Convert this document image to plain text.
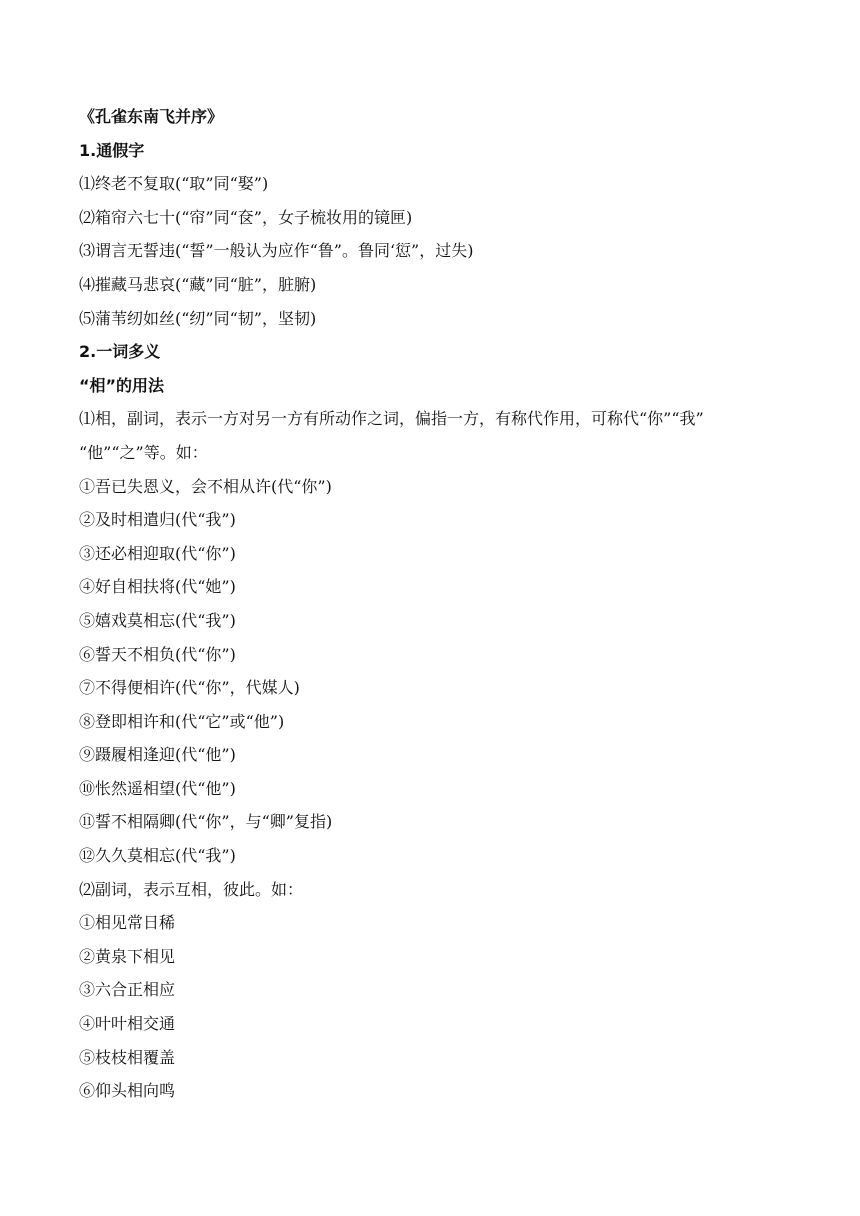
《孔雀东南飞并序》
1.通假字
⑴终老不复取(“取”同“娶”)
⑵箱帘六七十(“帘”同“奁”，女子梳妆用的镜匣)
⑶谓言无誓违(“誓”一般认为应作“鲁”。鲁同‘愆”，过失)
⑷摧藏马悲哀(“藏”同“脏”，脏腑)
⑸蒲苇纫如丝(“纫”同“韧”，坚韧)
2.一词多义
“相”的用法
⑴相，副词，表示一方对另一方有所动作之词，偏指一方，有称代作用，可称代“你”“我”
“他”“之”等。如：
①吾已失恩义，会不相从许(代“你”)
②及时相遣归(代“我”)
③还必相迎取(代“你”)
④好自相扶将(代“她”)
⑤嬉戏莫相忘(代“我”)
⑥誓天不相负(代“你”)
⑦不得便相许(代“你”，代媒人)
⑧登即相许和(代“它”或“他”)
⑨蹑履相逢迎(代“他”)
⑩怅然遥相望(代“他”)
⑪誓不相隔卿(代“你”，与“卿”复指)
⑫久久莫相忘(代“我”)
⑵副词，表示互相，彼此。如：
①相见常日稀
②黄泉下相见
③六合正相应
④叶叶相交通
⑤枝枝相覆盖
⑥仰头相向鸣
